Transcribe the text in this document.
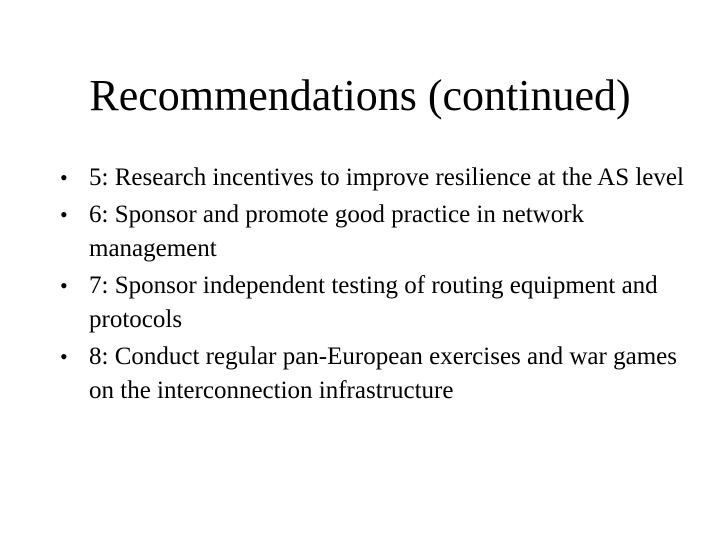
Recommendations (continued)
• 5: Research incentives to improve resilience at the AS level
• 6: Sponsor and promote good practice in network management
• 7: Sponsor independent testing of routing equipment and protocols
• 8: Conduct regular pan-European exercises and war games on the interconnection infrastructure
